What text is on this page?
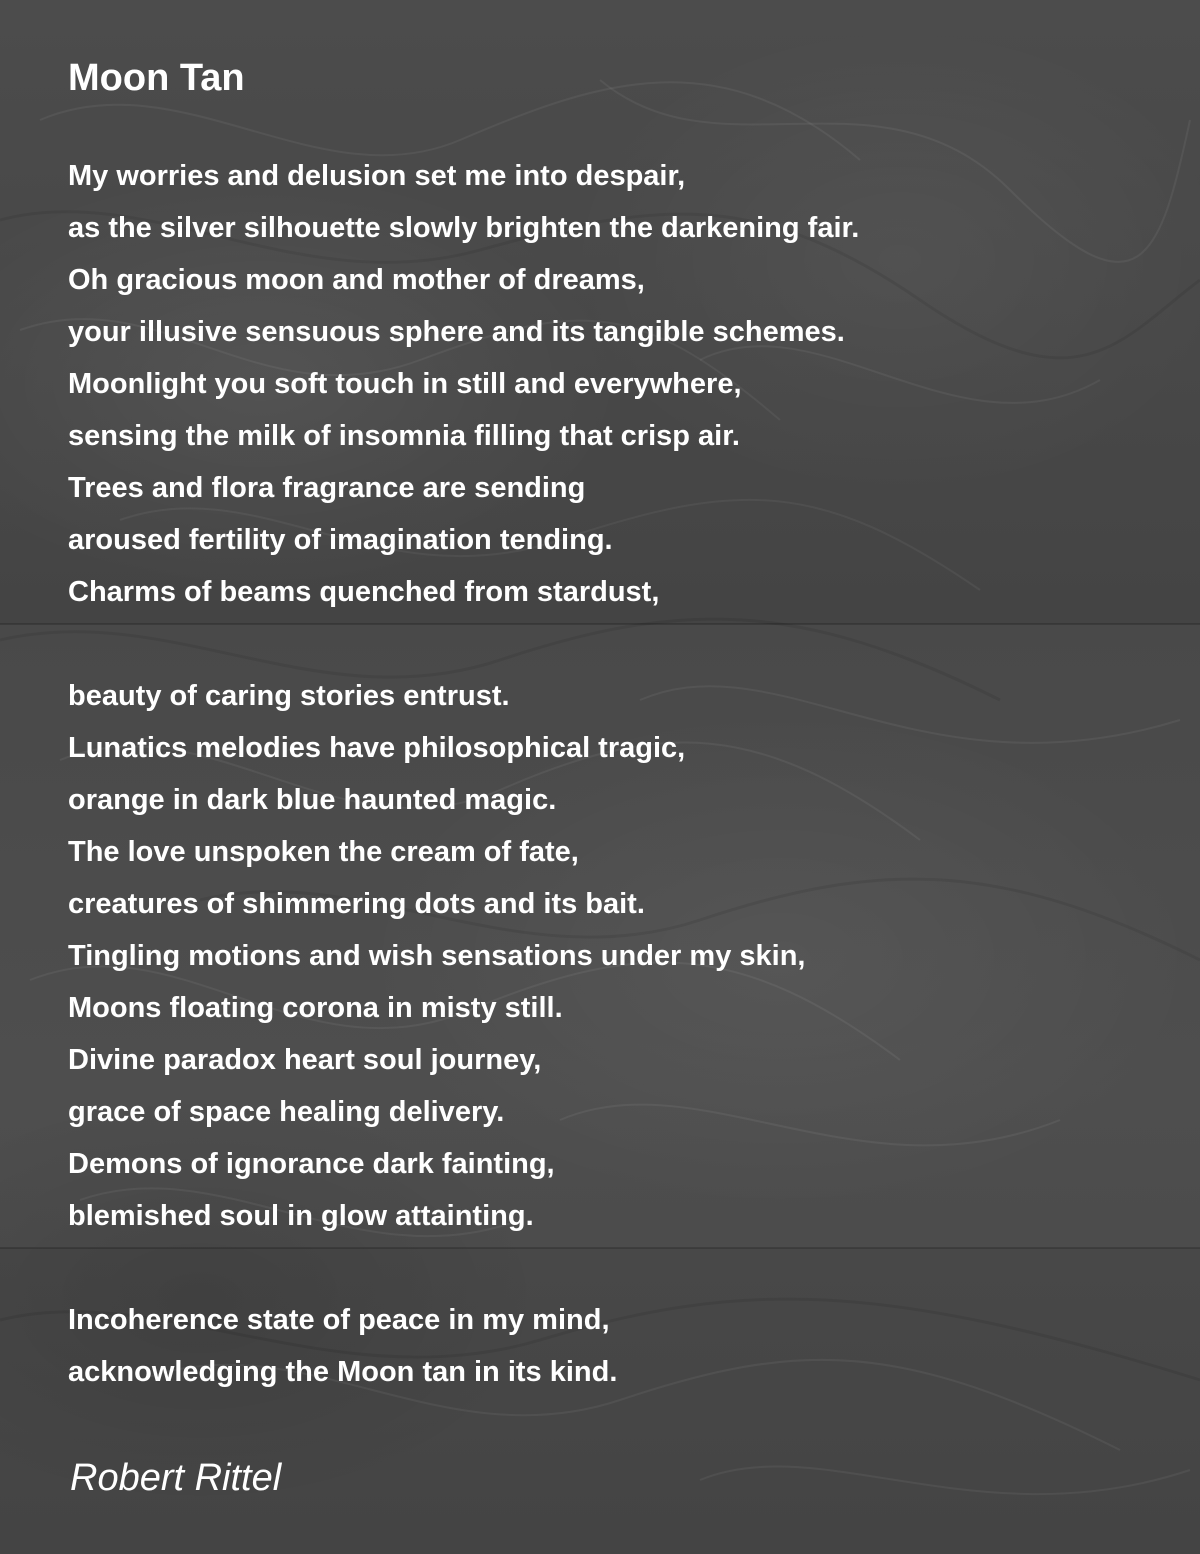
Moon Tan
My worries and delusion set me into despair,
as the silver silhouette slowly brighten the darkening fair.
Oh gracious moon and mother of dreams,
your illusive sensuous sphere and its tangible schemes.
Moonlight you soft touch in still and everywhere,
sensing the milk of insomnia filling that crisp air.
Trees and flora fragrance are sending
aroused fertility of imagination tending.
Charms of beams quenched from stardust,
beauty of caring stories entrust.
Lunatics melodies have philosophical tragic,
orange in dark blue haunted magic.
The love unspoken the cream of fate,
creatures of shimmering dots and its bait.
Tingling motions and wish sensations under my skin,
Moons floating corona in misty still.
Divine paradox heart soul journey,
grace of space healing delivery.
Demons of ignorance dark fainting,
blemished soul in glow attainting.
Incoherence state of peace in my mind,
acknowledging the Moon tan in its kind.

Robert Rittel
